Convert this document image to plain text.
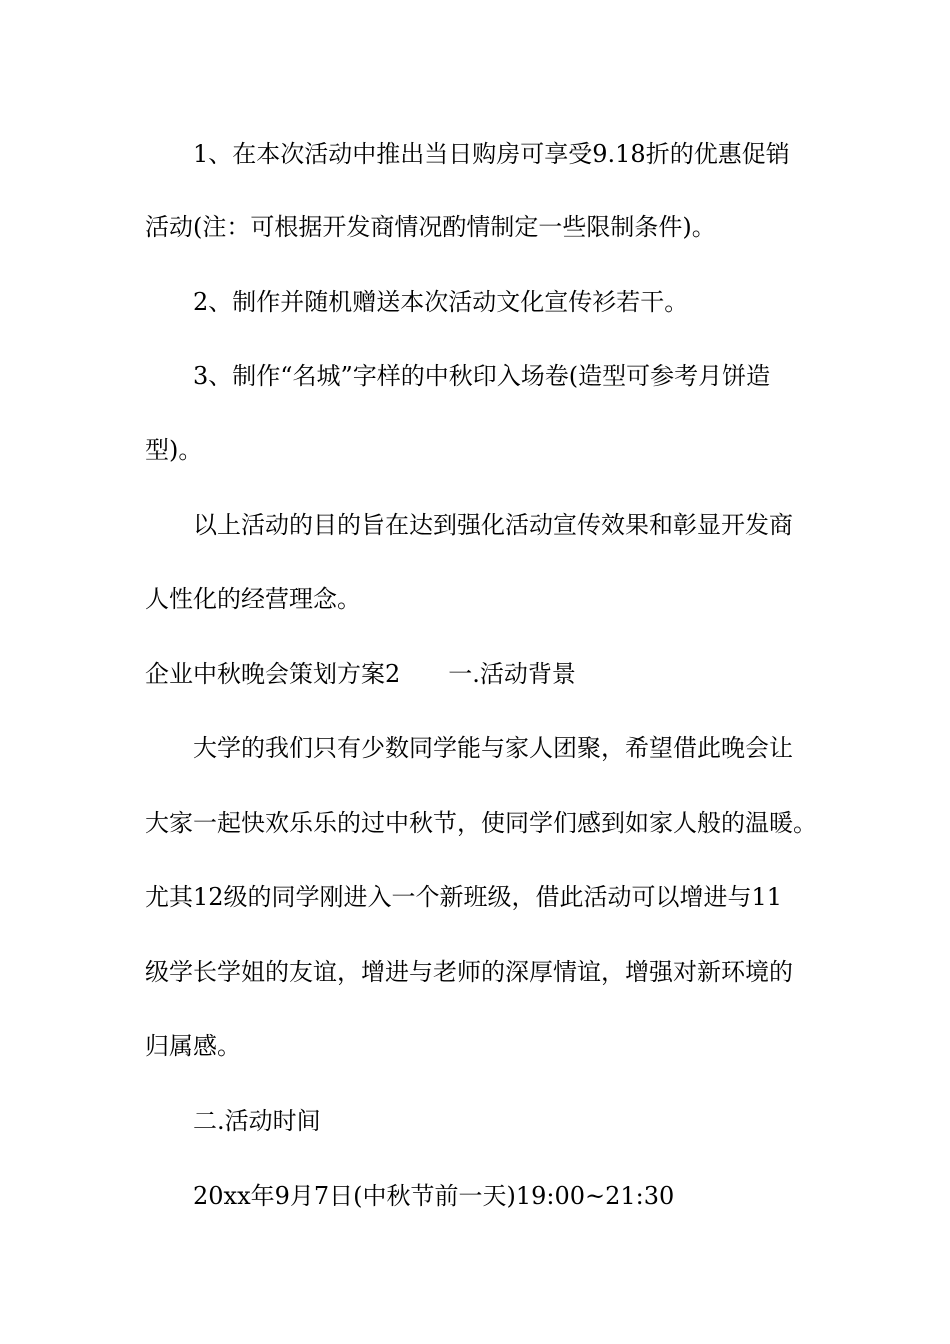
1、在本次活动中推出当日购房可享受9.18折的优惠促销
活动(注：可根据开发商情况酌情制定一些限制条件)。
2、制作并随机赠送本次活动文化宣传衫若干。
3、制作“名城”字样的中秋印入场卷(造型可参考月饼造
型)。
以上活动的目的旨在达到强化活动宣传效果和彰显开发商
人性化的经营理念。
企业中秋晚会策划方案2 一.活动背景
大学的我们只有少数同学能与家人团聚，希望借此晚会让
大家一起快欢乐乐的过中秋节，使同学们感到如家人般的温暖。
尤其12级的同学刚进入一个新班级，借此活动可以增进与11
级学长学姐的友谊，增进与老师的深厚情谊，增强对新环境的
归属感。
二.活动时间
20xx年9月7日(中秋节前一天)19:00~21:30
